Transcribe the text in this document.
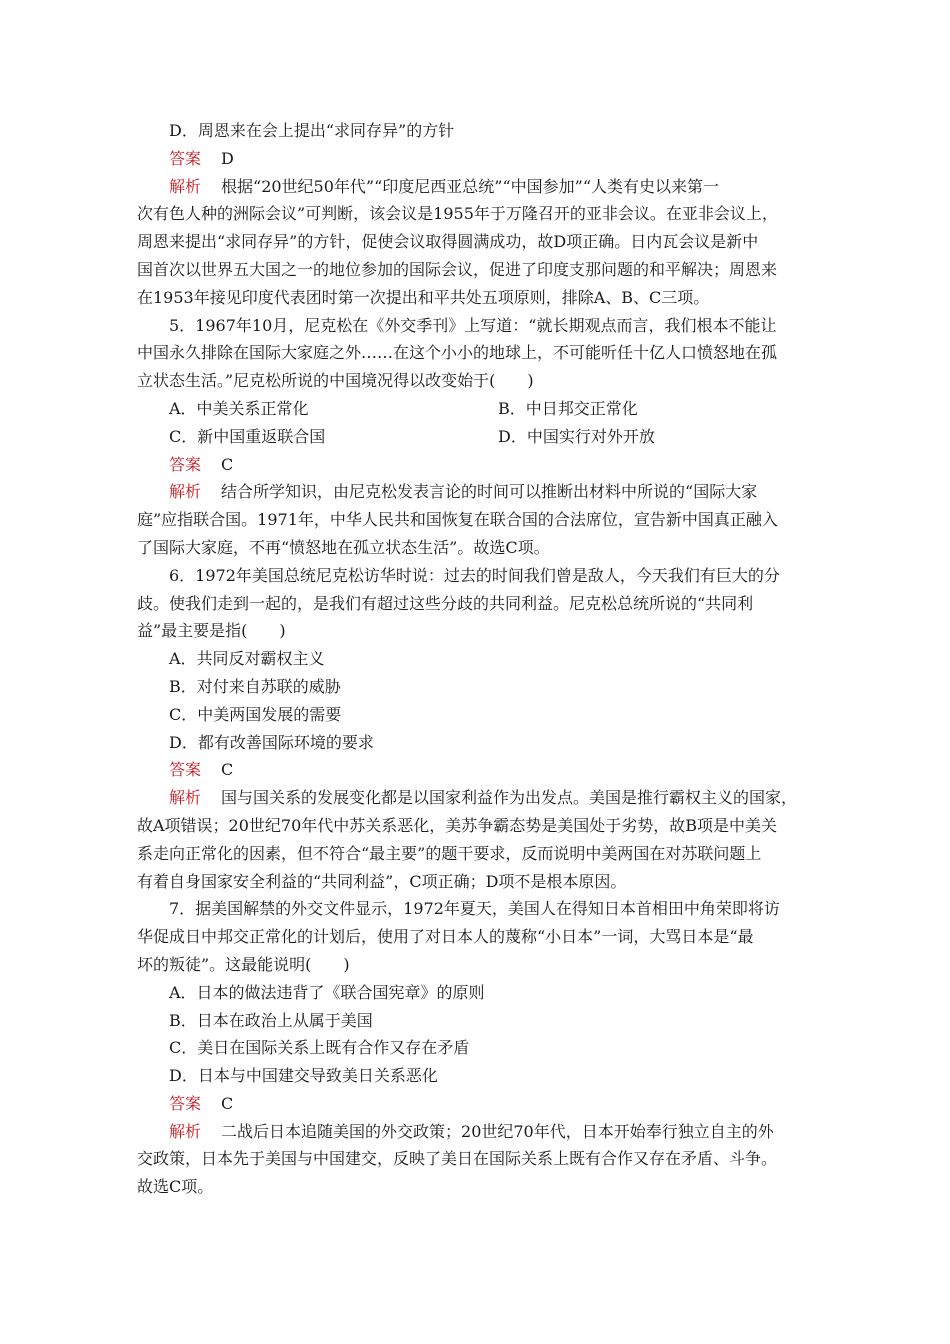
D．周恩来在会上提出“求同存异”的方针
答案 D
解析 根据“20世纪50年代”“印度尼西亚总统”“中国参加”“人类有史以来第一
次有色人种的洲际会议”可判断，该会议是1955年于万隆召开的亚非会议。在亚非会议上，
周恩来提出“求同存异”的方针，促使会议取得圆满成功，故D项正确。日内瓦会议是新中
国首次以世界五大国之一的地位参加的国际会议，促进了印度支那问题的和平解决；周恩来
在1953年接见印度代表团时第一次提出和平共处五项原则，排除A、B、C三项。
5．1967年10月，尼克松在《外交季刊》上写道：“就长期观点而言，我们根本不能让
中国永久排除在国际大家庭之外……在这个小小的地球上，不可能听任十亿人口愤怒地在孤
立状态生活。”尼克松所说的中国境况得以改变始于(　　)
A．中美关系正常化	B．中日邦交正常化
C．新中国重返联合国	D．中国实行对外开放
答案 C
解析 结合所学知识，由尼克松发表言论的时间可以推断出材料中所说的“国际大家
庭”应指联合国。1971年，中华人民共和国恢复在联合国的合法席位，宣告新中国真正融入
了国际大家庭，不再“愤怒地在孤立状态生活”。故选C项。
6．1972年美国总统尼克松访华时说：过去的时间我们曾是敌人，今天我们有巨大的分
歧。使我们走到一起的，是我们有超过这些分歧的共同利益。尼克松总统所说的“共同利
益”最主要是指(　　)
A．共同反对霸权主义
B．对付来自苏联的威胁
C．中美两国发展的需要
D．都有改善国际环境的要求
答案 C
解析 国与国关系的发展变化都是以国家利益作为出发点。美国是推行霸权主义的国家，
故A项错误；20世纪70年代中苏关系恶化，美苏争霸态势是美国处于劣势，故B项是中美关
系走向正常化的因素，但不符合“最主要”的题干要求，反而说明中美两国在对苏联问题上
有着自身国家安全利益的“共同利益”，C项正确；D项不是根本原因。
7．据美国解禁的外交文件显示，1972年夏天，美国人在得知日本首相田中角荣即将访
华促成日中邦交正常化的计划后，使用了对日本人的蔑称“小日本”一词，大骂日本是“最
坏的叛徒”。这最能说明(　　)
A．日本的做法违背了《联合国宪章》的原则
B．日本在政治上从属于美国
C．美日在国际关系上既有合作又存在矛盾
D．日本与中国建交导致美日关系恶化
答案 C
解析 二战后日本追随美国的外交政策；20世纪70年代，日本开始奉行独立自主的外
交政策，日本先于美国与中国建交，反映了美日在国际关系上既有合作又存在矛盾、斗争。
故选C项。
